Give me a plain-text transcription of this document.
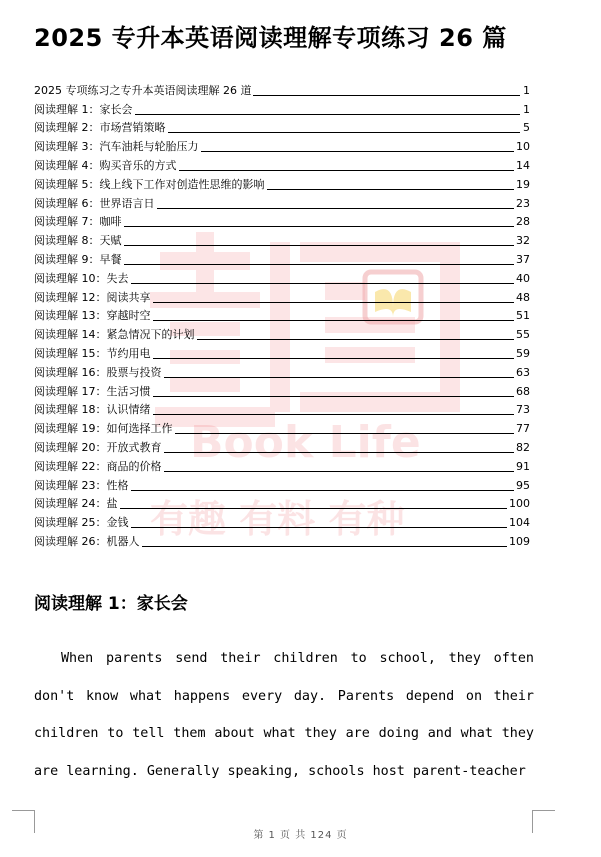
2025 专升本英语阅读理解专项练习 26 篇
Book Life
有趣 有料 有种
2025 专项练习之专升本英语阅读理解 26 道	1
阅读理解 1：家长会	1
阅读理解 2：市场营销策略	5
阅读理解 3：汽车油耗与轮胎压力	10
阅读理解 4：购买音乐的方式	14
阅读理解 5：线上线下工作对创造性思维的影响	19
阅读理解 6：世界语言日	23
阅读理解 7：咖啡	28
阅读理解 8：天赋	32
阅读理解 9：早餐	37
阅读理解 10：失去	40
阅读理解 12：阅读共享	48
阅读理解 13：穿越时空	51
阅读理解 14：紧急情况下的计划	55
阅读理解 15：节约用电	59
阅读理解 16：股票与投资	63
阅读理解 17：生活习惯	68
阅读理解 18：认识情绪	73
阅读理解 19：如何选择工作	77
阅读理解 20：开放式教育	82
阅读理解 22：商品的价格	91
阅读理解 23：性格	95
阅读理解 24：盐	100
阅读理解 25：金钱	104
阅读理解 26：机器人	109
阅读理解 1：家长会

When parents send their children to school, they often don't know what happens every day. Parents depend on their children to tell them about what they are doing and what they are learning. Generally speaking, schools host parent-teacher

第 1 页 共 124 页
